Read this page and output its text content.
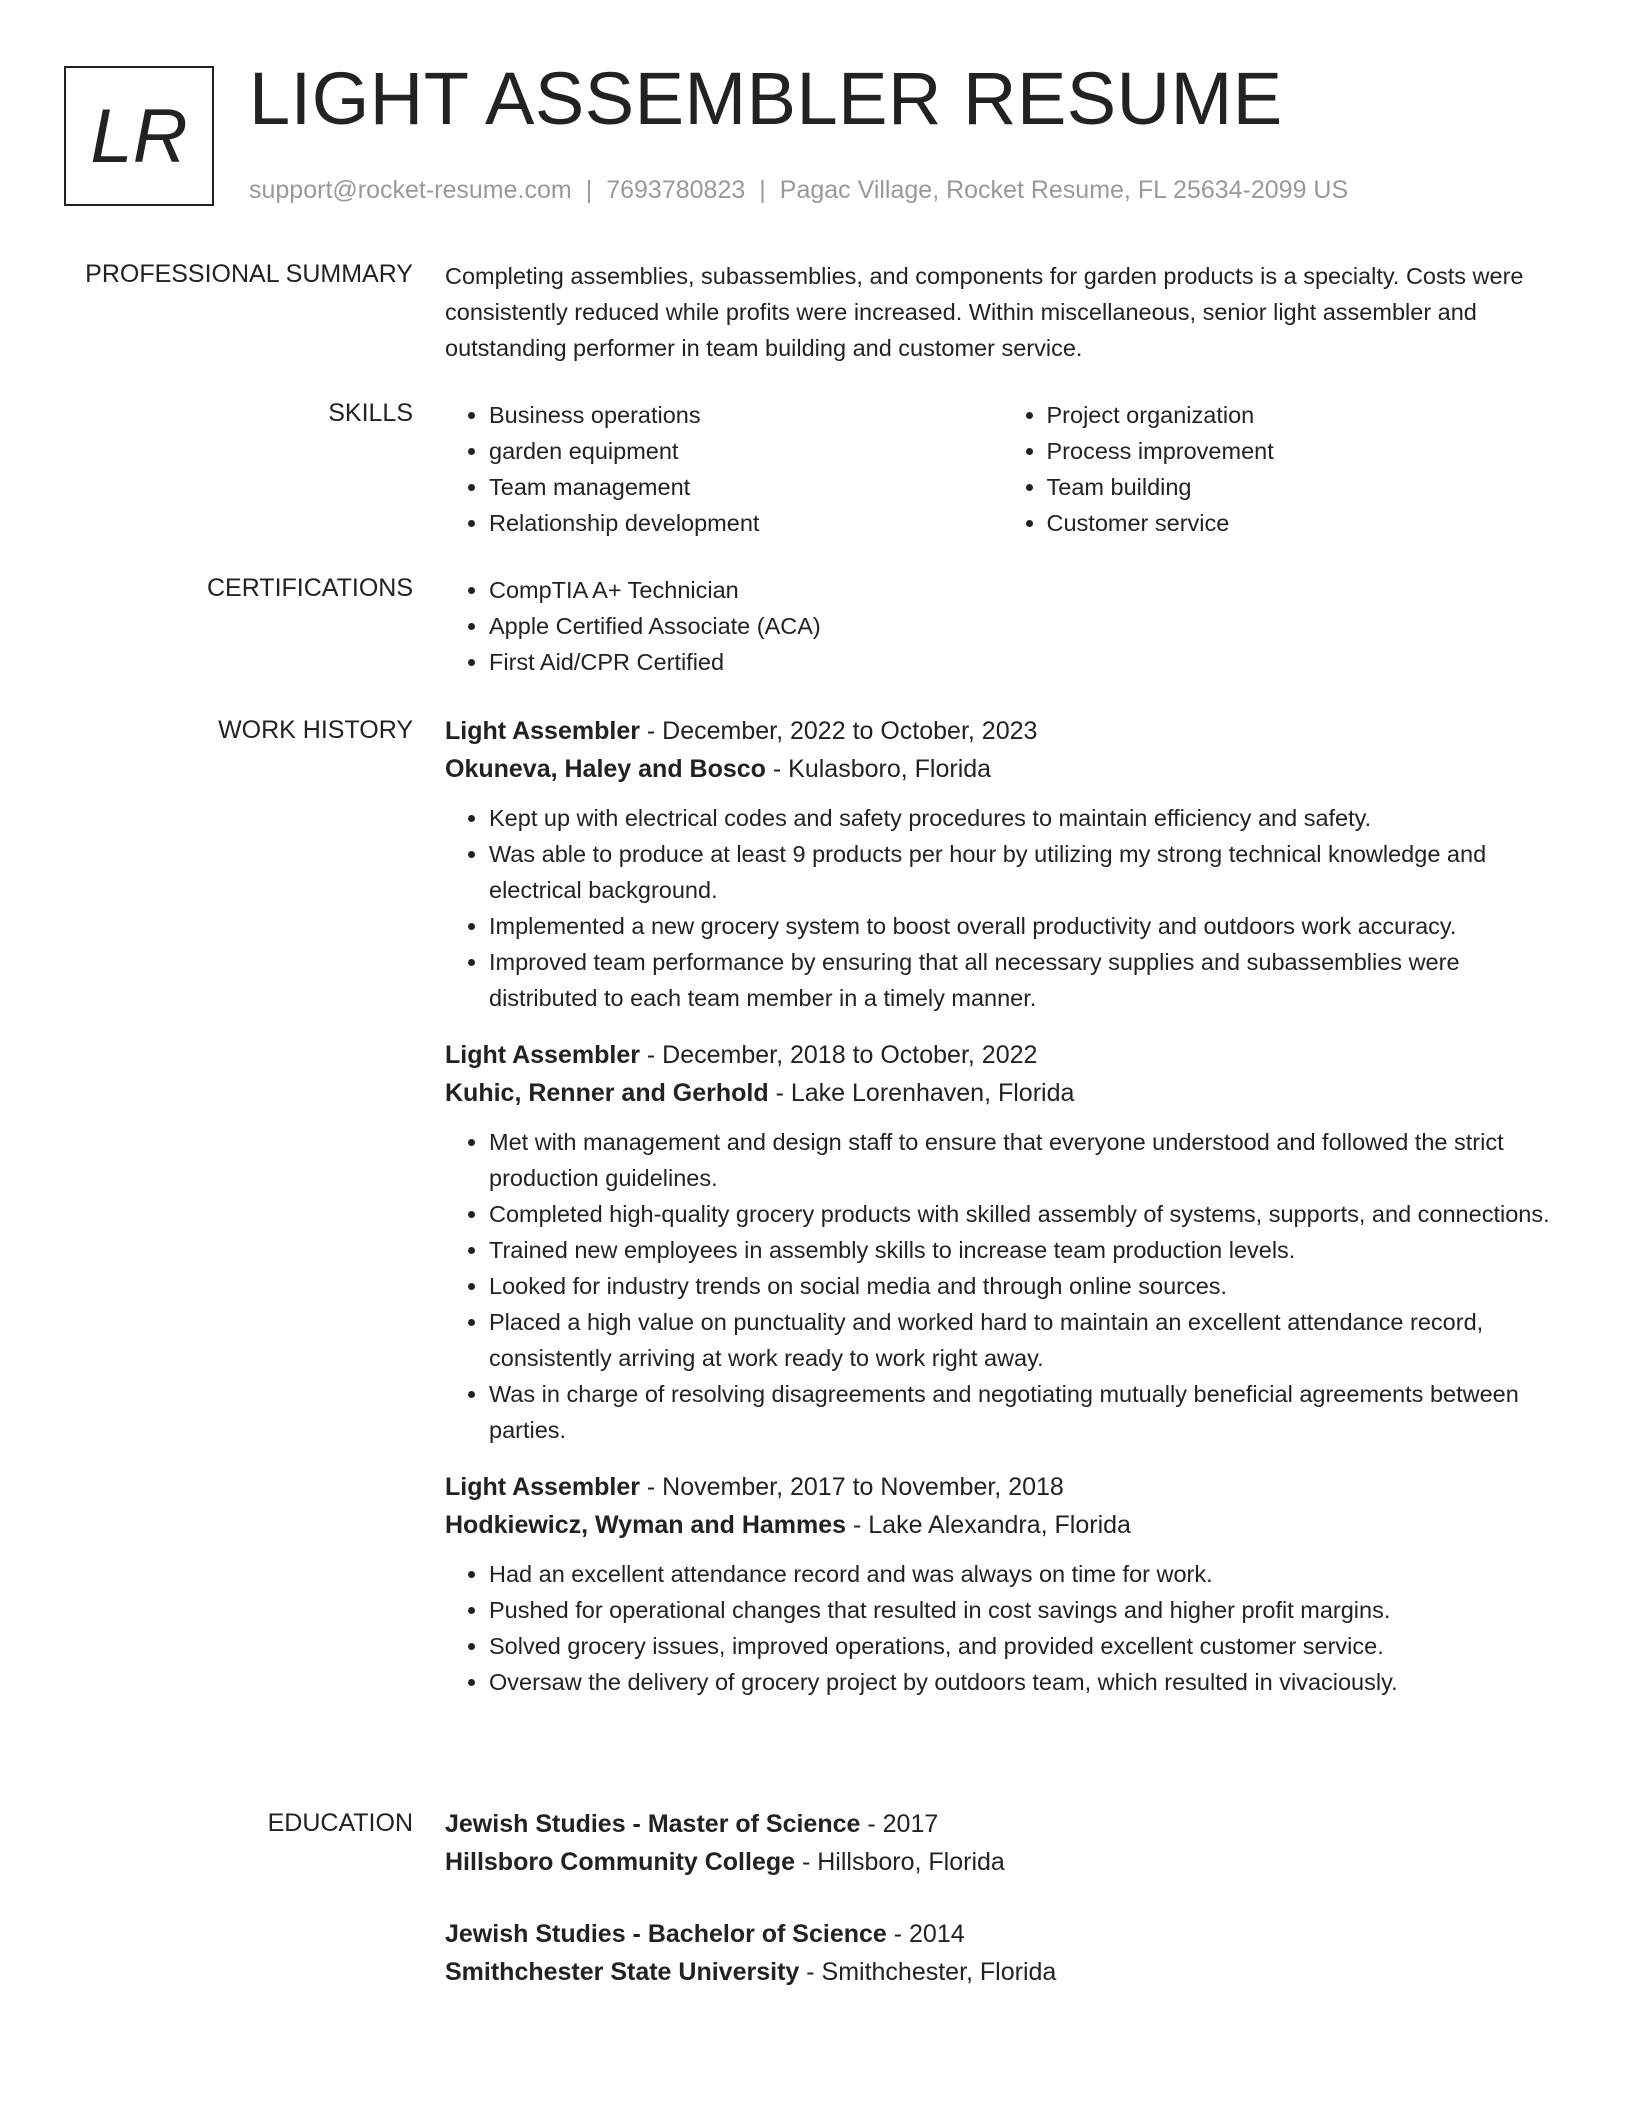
LR LIGHT ASSEMBLER RESUME
support@rocket-resume.com | 7693780823 | Pagac Village, Rocket Resume, FL 25634-2099 US
PROFESSIONAL SUMMARY Completing assemblies, subassemblies, and components for garden products is a specialty. Costs were consistently reduced while profits were increased. Within miscellaneous, senior light assembler and outstanding performer in team building and customer service.
SKILLS	• Business operations
• garden equipment
• Team management
• Relationship development
• Project organization
• Process improvement
• Team building
• Customer service
CERTIFICATIONS	• CompTIA A+ Technician
• Apple Certified Associate (ACA)
• First Aid/CPR Certified
WORK HISTORY Light Assembler - December, 2022 to October, 2023
Okuneva, Haley and Bosco - Kulasboro, Florida
• Kept up with electrical codes and safety procedures to maintain efficiency and safety.
• Was able to produce at least 9 products per hour by utilizing my strong technical knowledge and electrical background.
• Implemented a new grocery system to boost overall productivity and outdoors work accuracy.
• Improved team performance by ensuring that all necessary supplies and subassemblies were distributed to each team member in a timely manner.
Light Assembler - December, 2018 to October, 2022
Kuhic, Renner and Gerhold - Lake Lorenhaven, Florida
• Met with management and design staff to ensure that everyone understood and followed the strict production guidelines.
• Completed high-quality grocery products with skilled assembly of systems, supports, and connections.
• Trained new employees in assembly skills to increase team production levels.
• Looked for industry trends on social media and through online sources.
• Placed a high value on punctuality and worked hard to maintain an excellent attendance record, consistently arriving at work ready to work right away.
• Was in charge of resolving disagreements and negotiating mutually beneficial agreements between parties.
Light Assembler - November, 2017 to November, 2018
Hodkiewicz, Wyman and Hammes - Lake Alexandra, Florida
• Had an excellent attendance record and was always on time for work.
• Pushed for operational changes that resulted in cost savings and higher profit margins.
• Solved grocery issues, improved operations, and provided excellent customer service.
• Oversaw the delivery of grocery project by outdoors team, which resulted in vivaciously.
EDUCATION Jewish Studies - Master of Science - 2017
Hillsboro Community College - Hillsboro, Florida
Jewish Studies - Bachelor of Science - 2014
Smithchester State University - Smithchester, Florida
